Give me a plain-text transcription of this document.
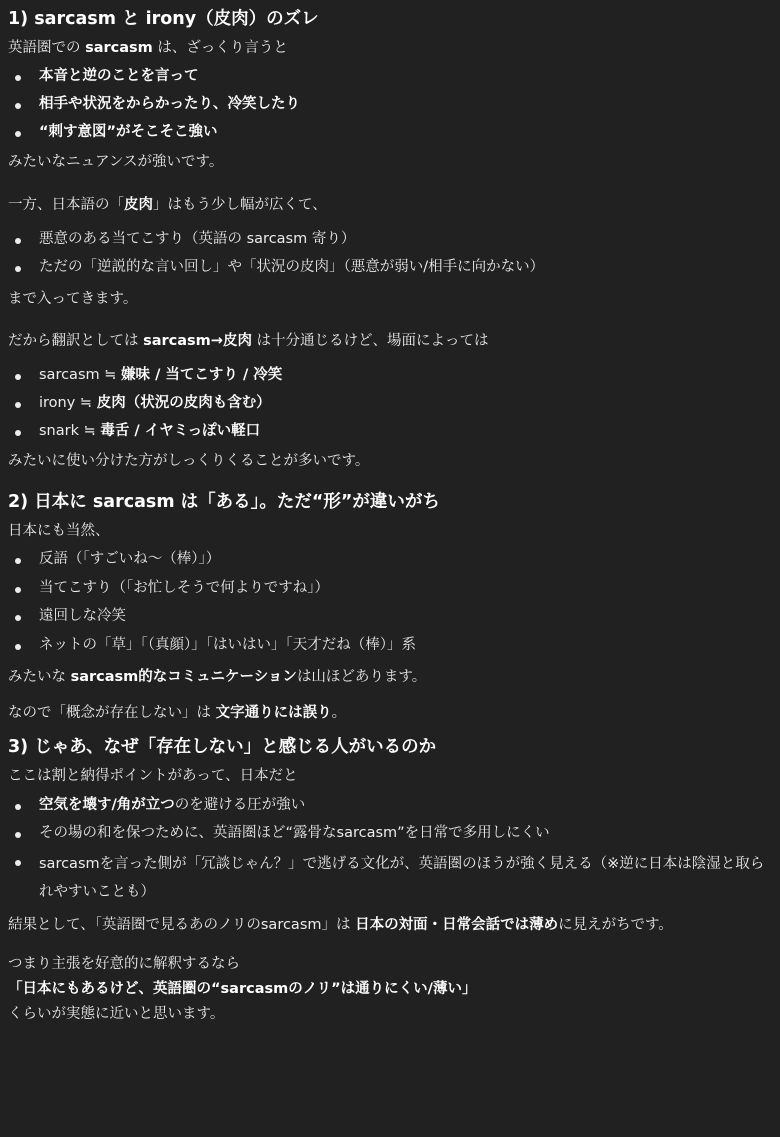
1) sarcasm と irony（皮肉）のズレ

英語圏での sarcasm は、ざっくり言うと

本音と逆のことを言って
相手や状況をからかったり、冷笑したり
“刺す意図”がそこそこ強い

みたいなニュアンスが強いです。

一方、日本語の「皮肉」はもう少し幅が広くて、

悪意のある当てこすり（英語の sarcasm 寄り）
ただの「逆説的な言い回し」や「状況の皮肉」（悪意が弱い/相手に向かない）

まで入ってきます。

だから翻訳としては sarcasm→皮肉 は十分通じるけど、場面によっては

sarcasm ≒ 嫌味 / 当てこすり / 冷笑
irony ≒ 皮肉（状況の皮肉も含む）
snark ≒ 毒舌 / イヤミっぽい軽口

みたいに使い分けた方がしっくりくることが多いです。

2) 日本に sarcasm は「ある」。ただ“形”が違いがち

日本にも当然、

反語（「すごいね〜（棒）」）
当てこすり（「お忙しそうで何よりですね」）
遠回しな冷笑
ネットの「草」「（真顔）」「はいはい」「天才だね（棒）」系

みたいな sarcasm的なコミュニケーションは山ほどあります。

なので「概念が存在しない」は 文字通りには誤り。

3) じゃあ、なぜ「存在しない」と感じる人がいるのか

ここは割と納得ポイントがあって、日本だと

空気を壊す/角が立つのを避ける圧が強い
その場の和を保つために、英語圏ほど“露骨なsarcasm”を日常で多用しにくい
sarcasmを言った側が「冗談じゃん？」で逃げる文化が、英語圏のほうが強く見える（※逆に日本は陰湿と取られやすいことも）

結果として、「英語圏で見るあのノリのsarcasm」は 日本の対面・日常会話では薄めに見えがちです。

つまり主張を好意的に解釈するなら
「日本にもあるけど、英語圏の“sarcasmのノリ”は通りにくい/薄い」
くらいが実態に近いと思います。
